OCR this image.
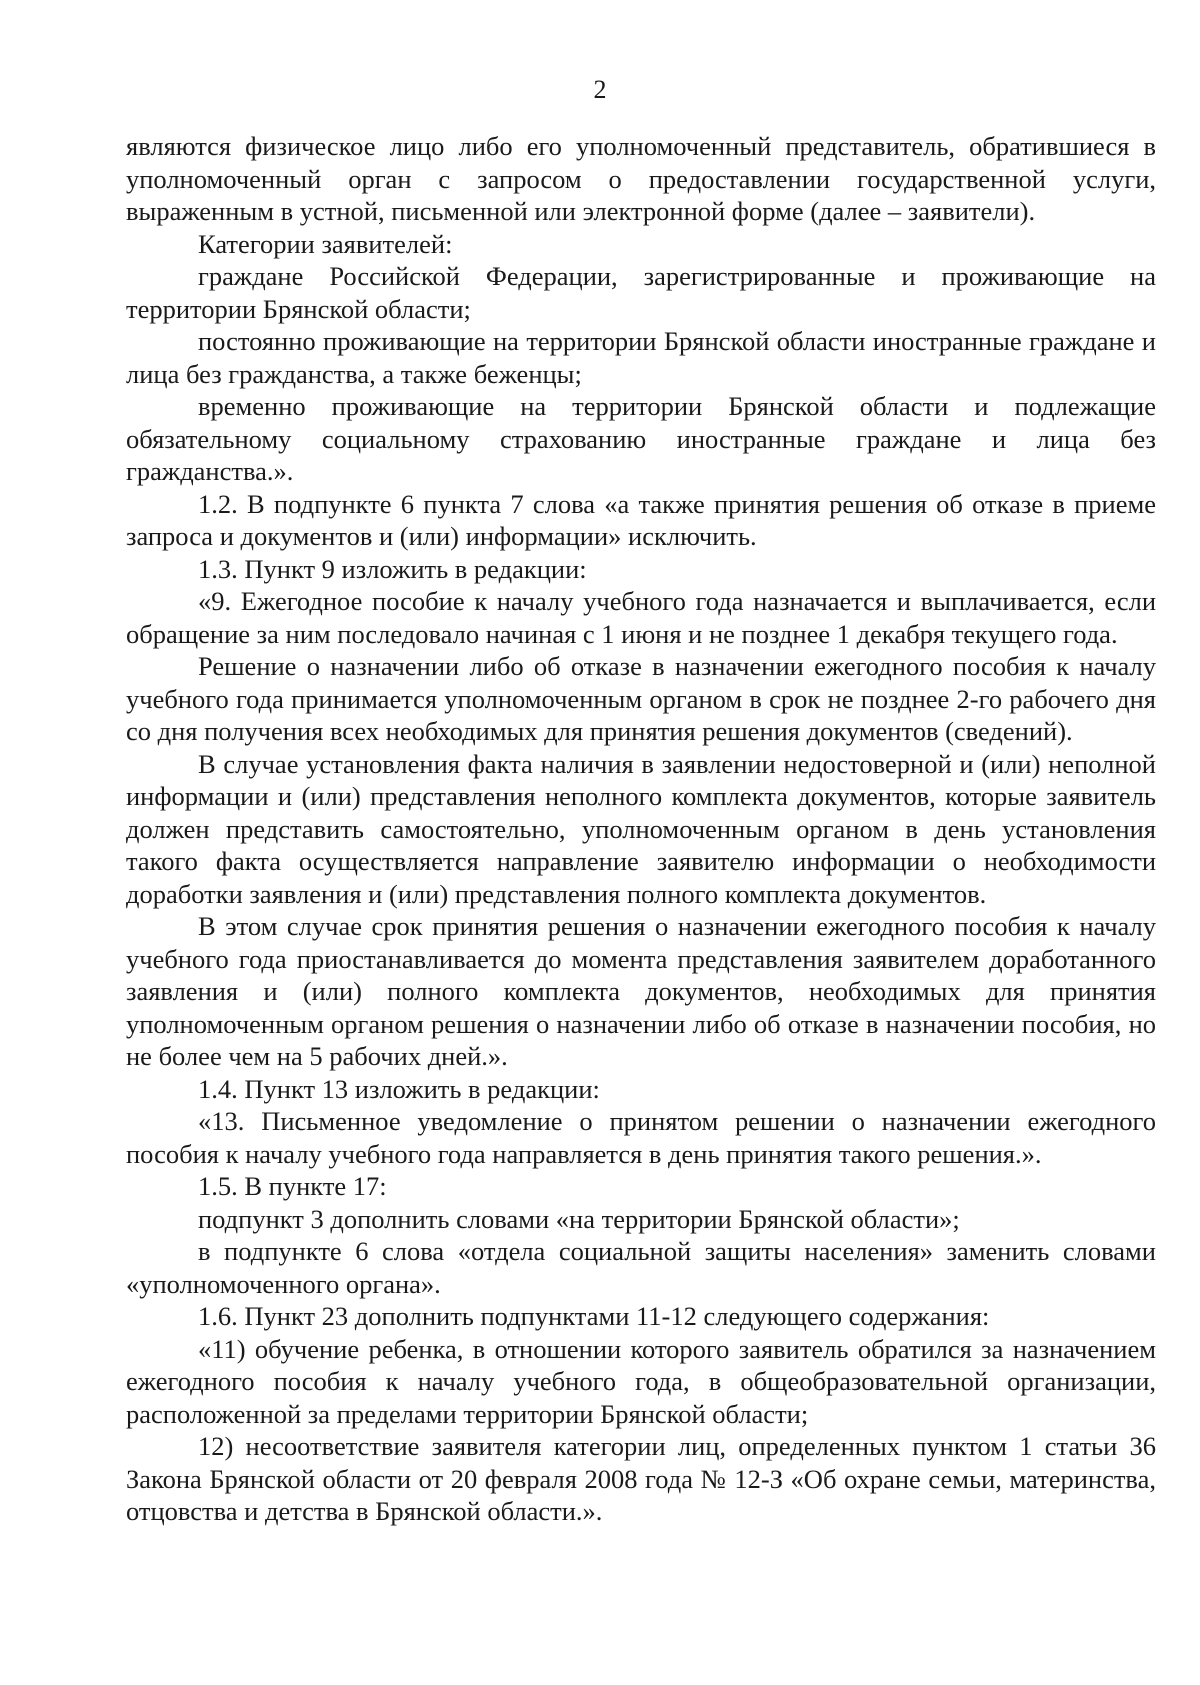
2

являются физическое лицо либо его уполномоченный представитель, обратившиеся в уполномоченный орган с запросом о предоставлении государственной услуги, выраженным в устной, письменной или электронной форме (далее – заявители).

Категории заявителей:

граждане Российской Федерации, зарегистрированные и проживающие на территории Брянской области;

постоянно проживающие на территории Брянской области иностранные граждане и лица без гражданства, а также беженцы;

временно проживающие на территории Брянской области и подлежащие обязательному социальному страхованию иностранные граждане и лица без гражданства.».

1.2. В подпункте 6 пункта 7 слова «а также принятия решения об отказе в приеме запроса и документов и (или) информации» исключить.

1.3. Пункт 9 изложить в редакции:

«9. Ежегодное пособие к началу учебного года назначается и выплачивается, если обращение за ним последовало начиная с 1 июня и не позднее 1 декабря текущего года.

Решение о назначении либо об отказе в назначении ежегодного пособия к началу учебного года принимается уполномоченным органом в срок не позднее 2-го рабочего дня со дня получения всех необходимых для принятия решения документов (сведений).

В случае установления факта наличия в заявлении недостоверной и (или) неполной информации и (или) представления неполного комплекта документов, которые заявитель должен представить самостоятельно, уполномоченным органом в день установления такого факта осуществляется направление заявителю информации о необходимости доработки заявления и (или) представления полного комплекта документов.

В этом случае срок принятия решения о назначении ежегодного пособия к началу учебного года приостанавливается до момента представления заявителем доработанного заявления и (или) полного комплекта документов, необходимых для принятия уполномоченным органом решения о назначении либо об отказе в назначении пособия, но не более чем на 5 рабочих дней.».

1.4. Пункт 13 изложить в редакции:

«13. Письменное уведомление о принятом решении о назначении ежегодного пособия к началу учебного года направляется в день принятия такого решения.».

1.5. В пункте 17:

подпункт 3 дополнить словами «на территории Брянской области»;

в подпункте 6 слова «отдела социальной защиты населения» заменить словами «уполномоченного органа».

1.6. Пункт 23 дополнить подпунктами 11-12 следующего содержания:

«11) обучение ребенка, в отношении которого заявитель обратился за назначением ежегодного пособия к началу учебного года, в общеобразовательной организации, расположенной за пределами территории Брянской области;

12) несоответствие заявителя категории лиц, определенных пунктом 1 статьи 36 Закона Брянской области от 20 февраля 2008 года № 12-З «Об охране семьи, материнства, отцовства и детства в Брянской области.».
